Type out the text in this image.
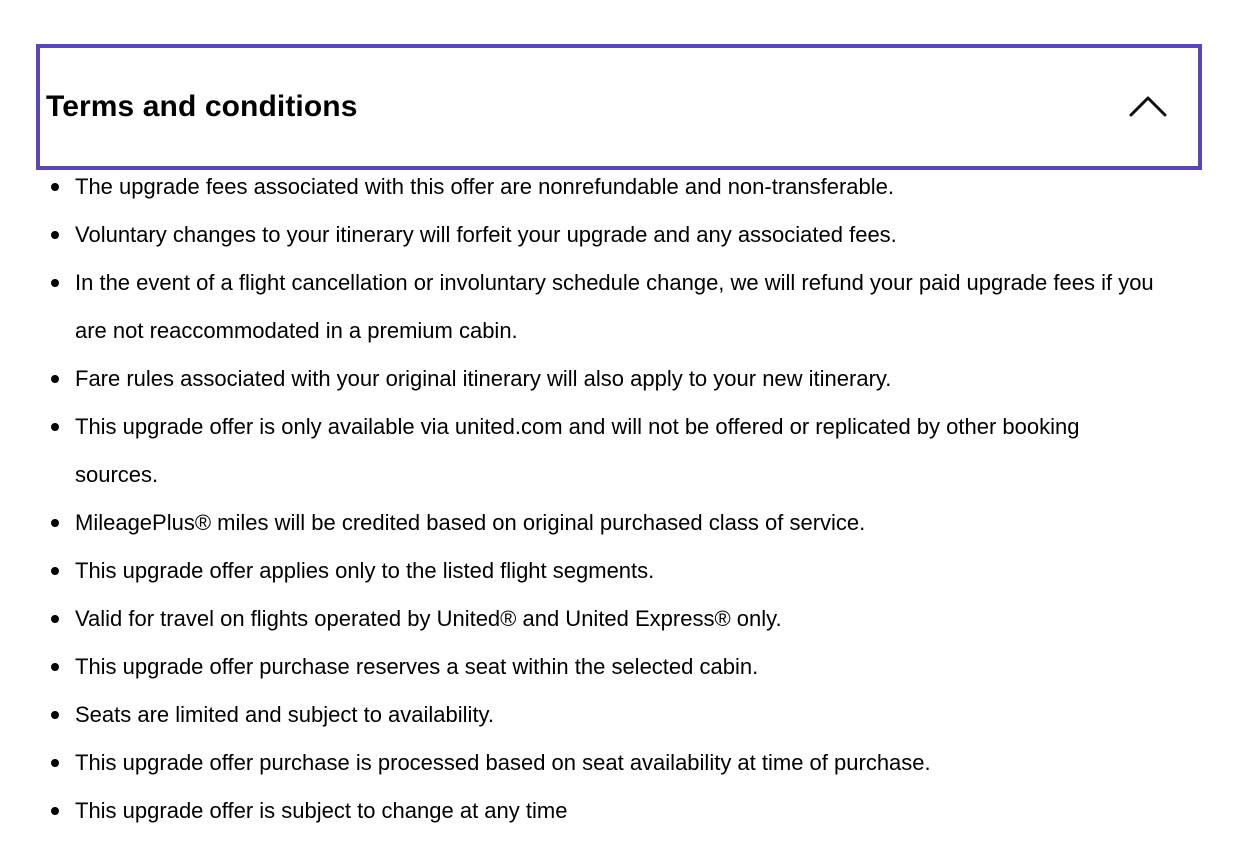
Terms and conditions
The upgrade fees associated with this offer are nonrefundable and non-transferable.
Voluntary changes to your itinerary will forfeit your upgrade and any associated fees.
In the event of a flight cancellation or involuntary schedule change, we will refund your paid upgrade fees if you are not reaccommodated in a premium cabin.
Fare rules associated with your original itinerary will also apply to your new itinerary.
This upgrade offer is only available via united.com and will not be offered or replicated by other booking sources.
MileagePlus® miles will be credited based on original purchased class of service.
This upgrade offer applies only to the listed flight segments.
Valid for travel on flights operated by United® and United Express® only.
This upgrade offer purchase reserves a seat within the selected cabin.
Seats are limited and subject to availability.
This upgrade offer purchase is processed based on seat availability at time of purchase.
This upgrade offer is subject to change at any time
